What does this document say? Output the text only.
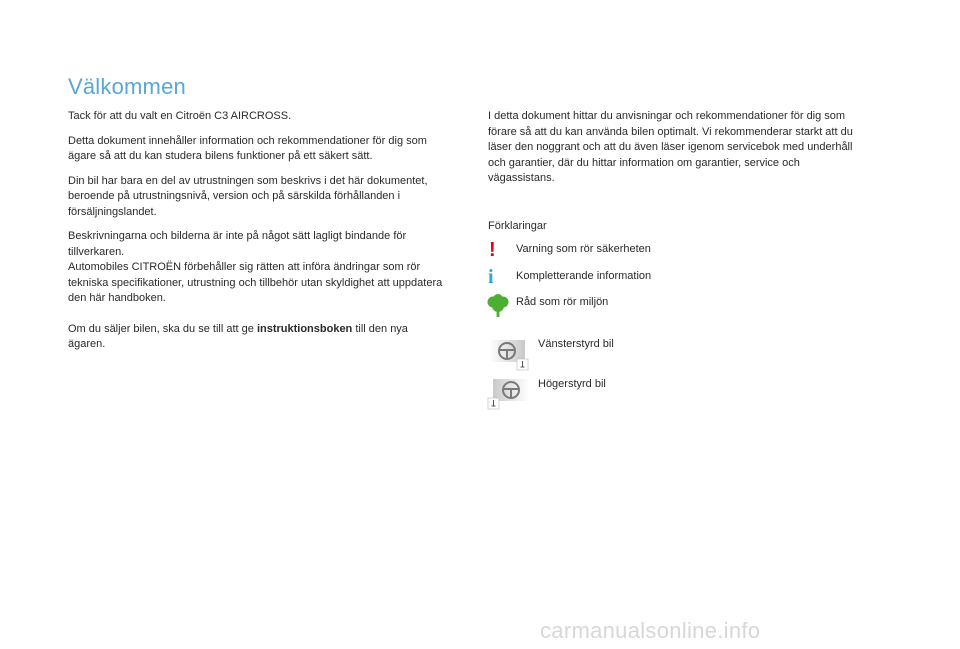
Välkommen

Tack för att du valt en Citroën C3 AIRCROSS.

Detta dokument innehåller information och rekommendationer för dig som ägare så att du kan studera bilens funktioner på ett säkert sätt.

Din bil har bara en del av utrustningen som beskrivs i det här dokumentet, beroende på utrustningsnivå, version och på särskilda förhållanden i försäljningslandet.

Beskrivningarna och bilderna är inte på något sätt lagligt bindande för tillverkaren.
Automobiles CITROËN förbehåller sig rätten att införa ändringar som rör tekniska specifikationer, utrustning och tillbehör utan skyldighet att uppdatera den här handboken.

Om du säljer bilen, ska du se till att ge instruktionsboken till den nya ägaren.

I detta dokument hittar du anvisningar och rekommendationer för dig som förare så att du kan använda bilen optimalt. Vi rekommenderar starkt att du läser den noggrant och att du även läser igenom servicebok med underhåll och garantier, där du hittar information om garantier, service och vägassistans.

Förklaringar
! Varning som rör säkerheten
i Kompletterande information
Råd som rör miljön
Vänsterstyrd bil
Högerstyrd bil
carmanualsonline.info
